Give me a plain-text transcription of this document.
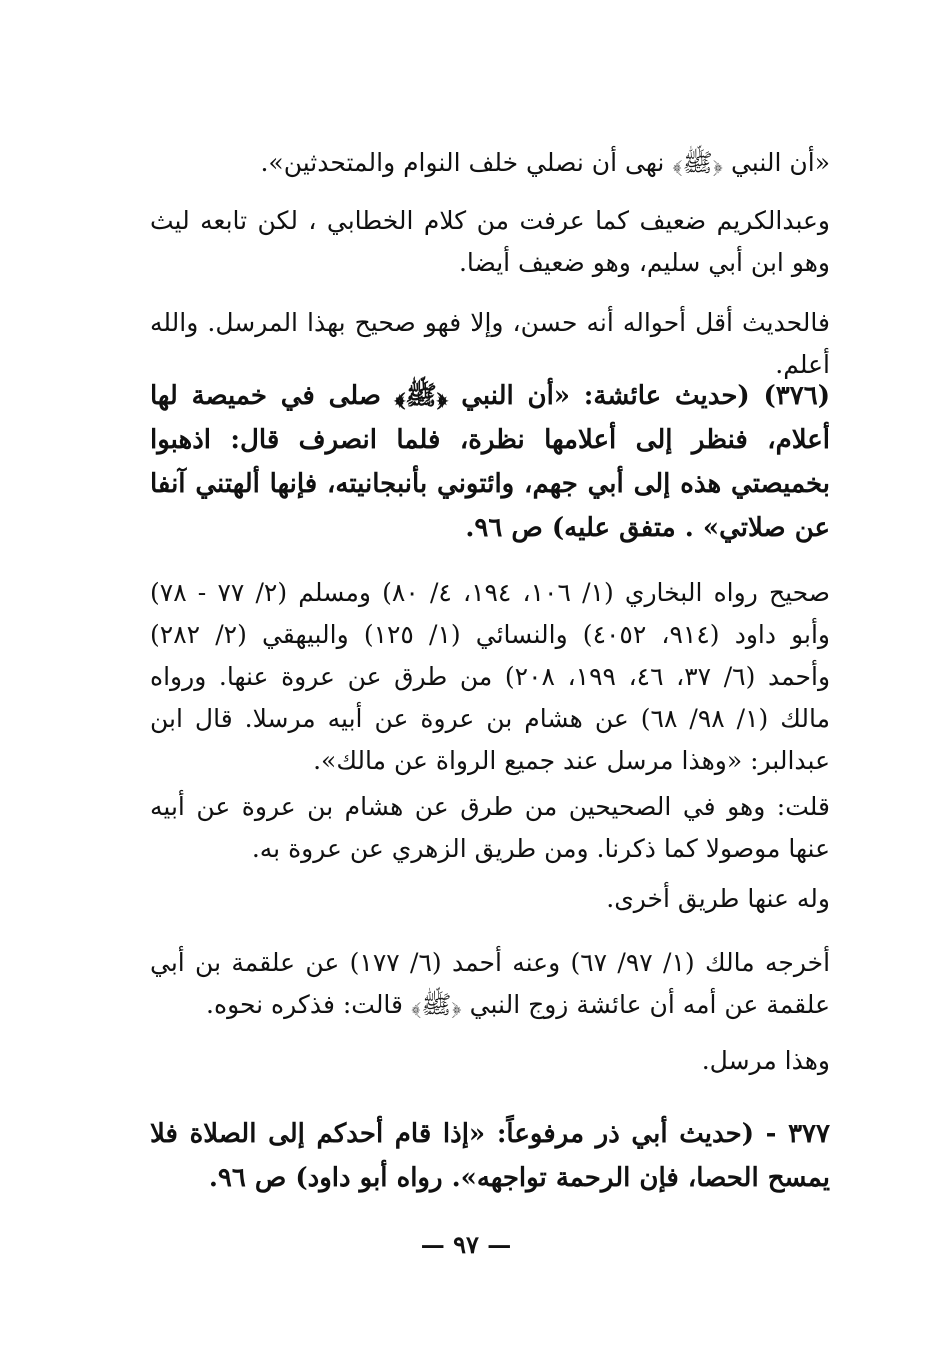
«أن النبي ﴿ﷺ﴾ نهى أن نصلي خلف النوام والمتحدثين».

وعبدالكريم ضعيف كما عرفت من كلام الخطابي ، لكن تابعه ليث وهو ابن أبي سليم، وهو ضعيف أيضا.

فالحديث أقل أحواله أنه حسن، وإلا فهو صحيح بهذا المرسل. والله أعلم.

(٣٧٦) (حديث عائشة: «أن النبي ﴿ﷺ﴾ صلى في خميصة لها أعلام، فنظر إلى أعلامها نظرة، فلما انصرف قال: اذهبوا بخميصتي هذه إلى أبي جهم، وائتوني بأنبجانيته، فإنها ألهتني آنفا عن صلاتي» . متفق عليه) ص ٩٦.

صحيح رواه البخاري (١/ ١٠٦، ١٩٤، ٤/ ٨٠) ومسلم (٢/ ٧٧ - ٧٨) وأبو داود (٩١٤، ٤٠٥٢) والنسائي (١/ ١٢٥) والبيهقي (٢/ ٢٨٢) وأحمد (٦/ ٣٧، ٤٦، ١٩٩، ٢٠٨) من طرق عن عروة عنها. ورواه مالك (١/ ٩٨/ ٦٨) عن هشام بن عروة عن أبيه مرسلا. قال ابن عبدالبر: «وهذا مرسل عند جميع الرواة عن مالك».

قلت: وهو في الصحيحين من طرق عن هشام بن عروة عن أبيه عنها موصولا كما ذكرنا. ومن طريق الزهري عن عروة به.

وله عنها طريق أخرى.

أخرجه مالك (١/ ٩٧/ ٦٧) وعنه أحمد (٦/ ١٧٧) عن علقمة بن أبي علقمة عن أمه أن عائشة زوج النبي ﴿ﷺ﴾ قالت: فذكره نحوه.

وهذا مرسل.

٣٧٧ - (حديث أبي ذر مرفوعاً: «إذا قام أحدكم إلى الصلاة فلا يمسح الحصا، فإن الرحمة تواجهه». رواه أبو داود) ص ٩٦.

— ٩٧ —
